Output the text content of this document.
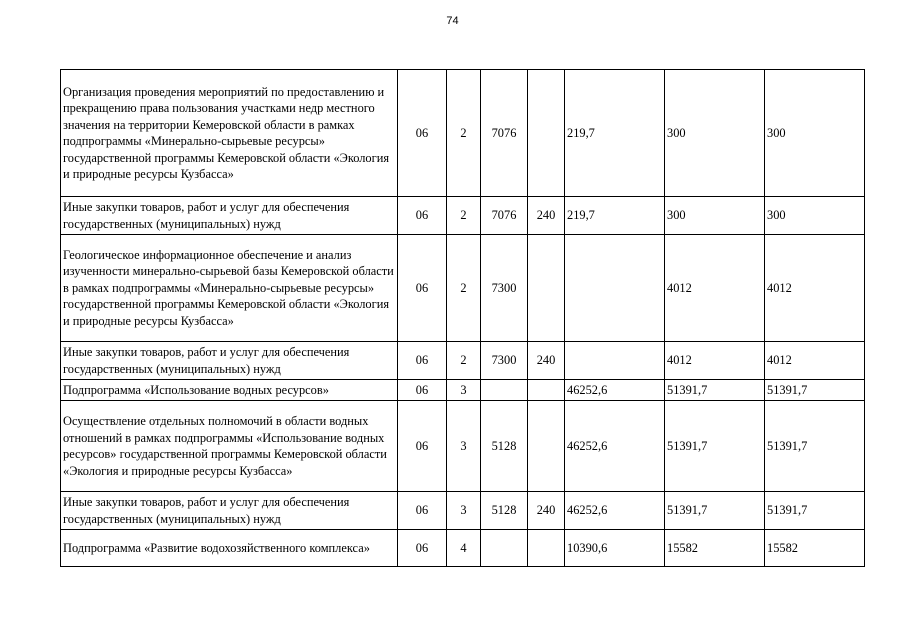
74
Организация проведения мероприятий по предоставлению и прекращению права пользования участками недр местного значения на территории Кемеровской области в рамках подпрограммы «Минерально-сырьевые ресурсы» государственной программы Кемеровской области «Экология и природные ресурсы Кузбасса»	06	2	7076		219,7	300	300
Иные закупки товаров, работ и услуг для обеспечения государственных (муниципальных) нужд	06	2	7076	240	219,7	300	300
Геологическое информационное обеспечение и анализ изученности минерально-сырьевой базы Кемеровской области в рамках подпрограммы «Минерально-сырьевые ресурсы» государственной программы Кемеровской области «Экология и природные ресурсы Кузбасса»	06	2	7300			4012	4012
Иные закупки товаров, работ и услуг для обеспечения государственных (муниципальных) нужд	06	2	7300	240		4012	4012
Подпрограмма «Использование водных ресурсов»	06	3			46252,6	51391,7	51391,7
Осуществление отдельных полномочий в области водных отношений в рамках подпрограммы «Использование водных ресурсов» государственной программы Кемеровской области «Экология и природные ресурсы Кузбасса»	06	3	5128		46252,6	51391,7	51391,7
Иные закупки товаров, работ и услуг для обеспечения государственных (муниципальных) нужд	06	3	5128	240	46252,6	51391,7	51391,7
Подпрограмма «Развитие водохозяйственного комплекса»	06	4			10390,6	15582	15582
